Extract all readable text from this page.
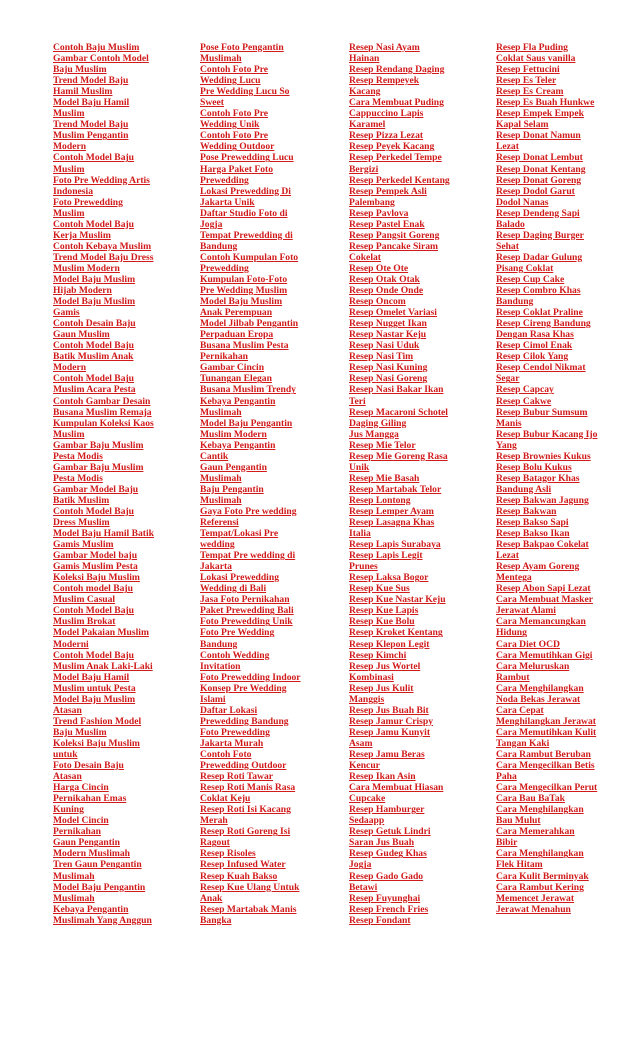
Contoh Baju Muslim
Gambar Contoh Model
Baju Muslim
Trend Model Baju
Hamil Muslim
Model Baju Hamil
Muslim
Trend Model Baju
Muslim Pengantin
Modern
Contoh Model Baju
Muslim
Foto Pre Wedding Artis
Indonesia
Foto Prewedding
Muslim
Contoh Model Baju
Kerja Muslim
Contoh Kebaya Muslim
Trend Model Baju Dress
Muslim Modern
Model Baju Muslim
Hijab Modern
Model Baju Muslim
Gamis
Contoh Desain Baju
Gaun Muslim
Contoh Model Baju
Batik Muslim Anak
Modern
Contoh Model Baju
Muslim Acara Pesta
Contoh Gambar Desain
Busana Muslim Remaja
Kumpulan Koleksi Kaos
Muslim
Gambar Baju Muslim
Pesta Modis
Gambar Baju Muslim
Pesta Modis
Gambar Model Baju
Batik Muslim
Contoh Model Baju
Dress Muslim
Model Baju Hamil Batik
Gamis Muslim
Gambar Model baju
Gamis Muslim Pesta
Koleksi Baju Muslim
Contoh model Baju
Muslim Casual
Contoh Model Baju
Muslim Brokat
Model Pakaian Muslim
Moderni
Contoh Model Baju
Muslim Anak Laki-Laki
Model Baju Hamil
Muslim untuk Pesta
Model Baju Muslim
Atasan
Trend Fashion Model
Baju Muslim
Koleksi Baju Muslim
untuk
Foto Desain Baju
Atasan
Harga Cincin
Pernikahan Emas
Kuning
Model Cincin
Pernikahan
Gaun Pengantin
Modern Muslimah
Tren Gaun Pengantin
Muslimah
Model Baju Pengantin
Muslimah
Kebaya Pengantin
Muslimah Yang Anggun
Pose Foto Pengantin
Muslimah
Contoh Foto Pre
Wedding Lucu
Pre Wedding Lucu So
Sweet
Contoh Foto Pre
Wedding Unik
Contoh Foto Pre
Wedding Outdoor
Pose Prewedding Lucu
Harga Paket Foto
Prewedding
Lokasi Prewedding Di
Jakarta Unik
Daftar Studio Foto di
Jogja
Tempat Prewedding di
Bandung
Contoh Kumpulan Foto
Prewedding
Kumpulan Foto-Foto
Pre Wedding Muslim
Model Baju Muslim
Anak Perempuan
Model Jilbab Pengantin
Perpaduan Eropa
Busana Muslim Pesta
Pernikahan
Gambar Cincin
Tunangan Elegan
Busana Muslim Trendy
Kebaya Pengantin
Muslimah
Model Baju Pengantin
Muslim Modern
Kebaya Pengantin
Cantik
Gaun Pengantin
Muslimah
Baju Pengantin
Muslimah
Gaya Foto Pre wedding
Referensi
Tempat/Lokasi Pre
wedding
Tempat Pre wedding di
Jakarta
Lokasi Prewedding
Wedding di Bali
Jasa Foto Pernikahan
Paket Prewedding Bali
Foto Prewedding Unik
Foto Pre Wedding
Bandung
Contoh Wedding
Invitation
Foto Prewedding Indoor
Konsep Pre Wedding
Islami
Daftar Lokasi
Prewedding Bandung
Foto Prewedding
Jakarta Murah
Contoh Foto
Prewedding Outdoor
Resep Roti Tawar
Resep Roti Manis Rasa
Coklat Keju
Resep Roti Isi Kacang
Merah
Resep Roti Goreng Isi
Ragout
Resep Risoles
Resep Infused Water
Resep Kuah Bakso
Resep Kue Ulang Untuk
Anak
Resep Martabak Manis
Bangka
Resep Nasi Ayam
Hainan
Resep Rendang Daging
Resep Rempeyek
Kacang
Cara Membuat Puding
Cappuccino Lapis
Karamel
Resep Pizza Lezat
Resep Peyek Kacang
Resep Perkedel Tempe
Bergizi
Resep Perkedel Kentang
Resep Pempek Asli
Palembang
Resep Pavlova
Resep Pastel Enak
Resep Pangsit Goreng
Resep Pancake Siram
Cokelat
Resep Ote Ote
Resep Otak Otak
Resep Onde Onde
Resep Oncom
Resep Omelet Variasi
Resep Nugget Ikan
Resep Nastar Keju
Resep Nasi Uduk
Resep Nasi Tim
Resep Nasi Kuning
Resep Nasi Goreng
Resep Nasi Bakar Ikan
Teri
Resep Macaroni Schotel
Daging Giling
Jus Mangga
Resep Mie Telor
Resep Mie Goreng Rasa
Unik
Resep Mie Basah
Resep Martabak Telor
Resep Lontong
Resep Lemper Ayam
Resep Lasagna Khas
Italia
Resep Lapis Surabaya
Resep Lapis Legit
Prunes
Resep Laksa Bogor
Resep Kue Sus
Resep Kue Nastar Keju
Resep Kue Lapis
Resep Kue Bolu
Resep Kroket Kentang
Resep Klepon Legit
Resep Kimchi
Resep Jus Wortel
Kombinasi
Resep Jus Kulit
Manggis
Resep Jus Buah Bit
Resep Jamur Crispy
Resep Jamu Kunyit
Asam
Resep Jamu Beras
Kencur
Resep Ikan Asin
Cara Membuat Hiasan
Cupcake
Resep Hamburger
Sedaapp
Resep Getuk Lindri
Saran Jus Buah
Resep Gudeg Khas
Jogja
Resep Gado Gado
Betawi
Resep Fuyunghai
Resep French Fries
Resep Fondant
Resep Fla Puding
Coklat Saus vanilla
Resep Fettucini
Resep Es Teler
Resep Es Cream
Resep Es Buah Hunkwe
Resep Empek Empek
Kapal Selam
Resep Donat Namun
Lezat
Resep Donat Lembut
Resep Donat Kentang
Resep Donat Goreng
Resep Dodol Garut
Dodol Nanas
Resep Dendeng Sapi
Balado
Resep Daging Burger
Sehat
Resep Dadar Gulung
Pisang Coklat
Resep Cup Cake
Resep Combro Khas
Bandung
Resep Coklat Praline
Resep Cireng Bandung
Dengan Rasa Khas
Resep Cimol Enak
Resep Cilok Yang
Resep Cendol Nikmat
Segar
Resep Capcay
Resep Cakwe
Resep Bubur Sumsum
Manis
Resep Bubur Kacang Ijo
Yang
Resep Brownies Kukus
Resep Bolu Kukus
Resep Batagor Khas
Bandung Asli
Resep Bakwan Jagung
Resep Bakwan
Resep Bakso Sapi
Resep Bakso Ikan
Resep Bakpao Cokelat
Lezat
Resep Ayam Goreng
Mentega
Resep Abon Sapi Lezat
Cara Membuat Masker
Jerawat Alami
Cara Memancungkan
Hidung
Cara Diet OCD
Cara Memutihkan Gigi
Cara Meluruskan
Rambut
Cara Menghilangkan
Noda Bekas Jerawat
Cara Cepat
Menghilangkan Jerawat
Cara Memutihkan Kulit
Tangan Kaki
Cara Rambut Beruban
Cara Mengecilkan Betis
Paha
Cara Mengecilkan Perut
Cara Bau BaTak
Cara Menghilangkan
Bau Mulut
Cara Memerahkan
Bibir
Cara Menghilangkan
Flek Hitam
Cara Kulit Berminyak
Cara Rambut Kering
Memencet Jerawat
Jerawat Menahun
